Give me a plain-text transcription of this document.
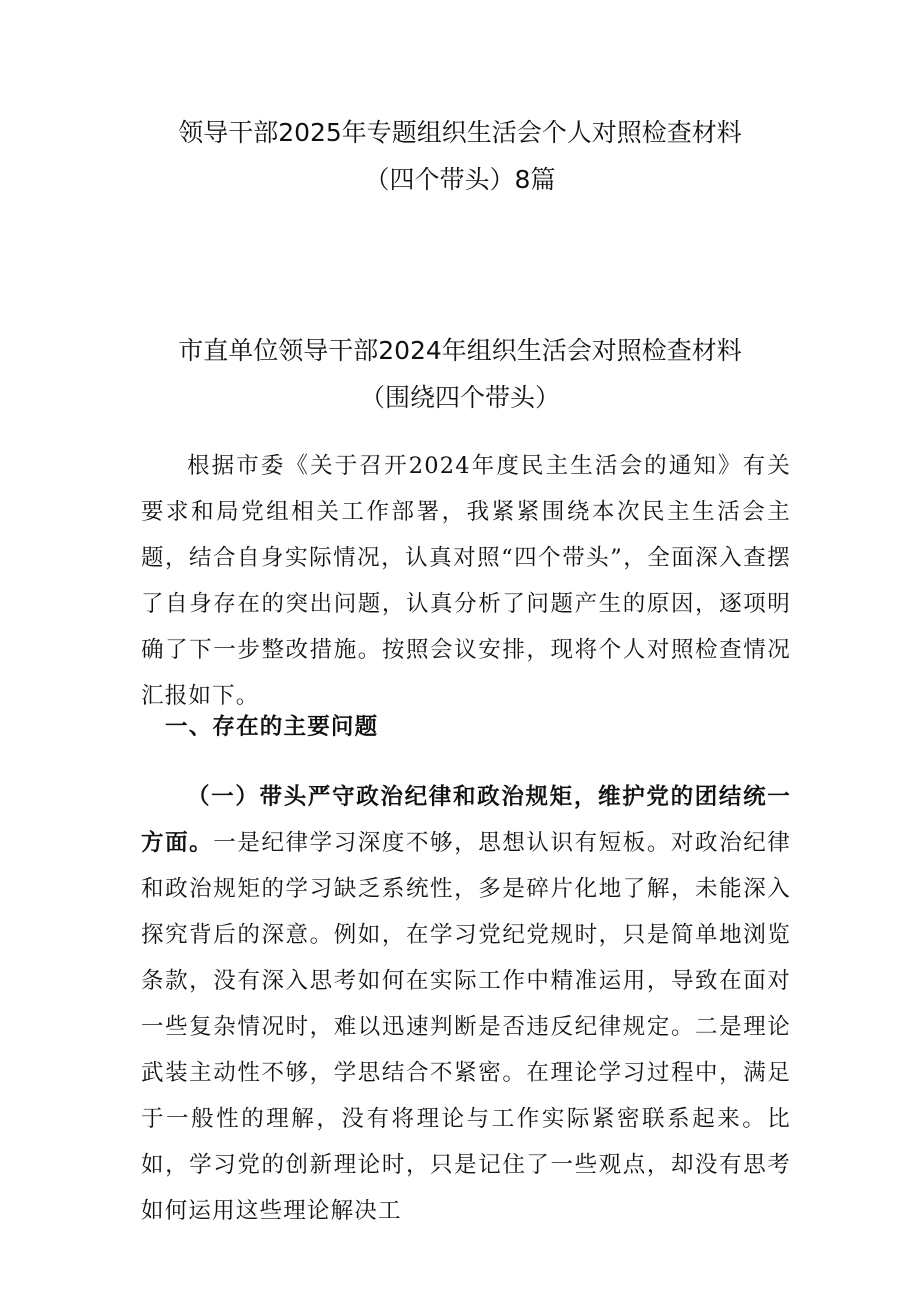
领导干部2025年专题组织生活会个人对照检查材料
（四个带头）8篇
市直单位领导干部2024年组织生活会对照检查材料
（围绕四个带头）

根据市委《关于召开2024年度民主生活会的通知》有关要求和局党组相关工作部署，我紧紧围绕本次民主生活会主题，结合自身实际情况，认真对照“四个带头”，全面深入查摆了自身存在的突出问题，认真分析了问题产生的原因，逐项明确了下一步整改措施。按照会议安排，现将个人对照检查情况汇报如下。

一、存在的主要问题

（一）带头严守政治纪律和政治规矩，维护党的团结统一方面。一是纪律学习深度不够，思想认识有短板。对政治纪律和政治规矩的学习缺乏系统性，多是碎片化地了解，未能深入探究背后的深意。例如，在学习党纪党规时，只是简单地浏览条款，没有深入思考如何在实际工作中精准运用，导致在面对一些复杂情况时，难以迅速判断是否违反纪律规定。二是理论武装主动性不够，学思结合不紧密。在理论学习过程中，满足于一般性的理解，没有将理论与工作实际紧密联系起来。比如，学习党的创新理论时，只是记住了一些观点，却没有思考如何运用这些理论解决工
